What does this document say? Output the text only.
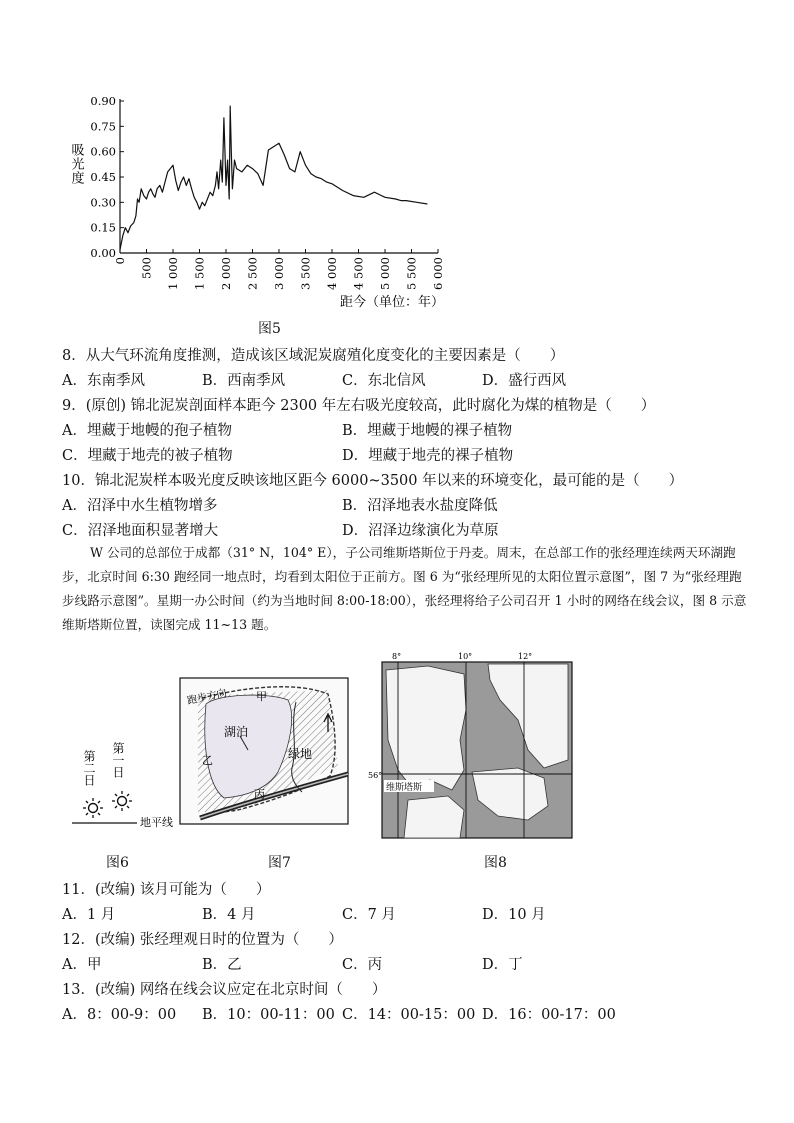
0.00
0.15
0.30
0.45
0.60
0.75
0.90
0 500 1 000 1 500 2 000 2 500 3 000 3 500 4 000 4 500 5 000 5 500 6 000
吸光度
距今（单位：年）
图5
8．从大气环流角度推测，造成该区域泥炭腐殖化度变化的主要因素是（　　）
A．东南季风	B．西南季风	C．东北信风	D．盛行西风
9．(原创) 锦北泥炭剖面样本距今 2300 年左右吸光度较高，此时腐化为煤的植物是（　　）
A．埋藏于地幔的孢子植物	B．埋藏于地幔的裸子植物
C．埋藏于地壳的被子植物	D．埋藏于地壳的裸子植物
10．锦北泥炭样本吸光度反映该地区距今 6000~3500 年以来的环境变化，最可能的是（　　）
A．沼泽中水生植物增多	B．沼泽地表水盐度降低
C．沼泽地面积显著增大	D．沼泽边缘演化为草原
W 公司的总部位于成都（31° N，104° E），子公司维斯塔斯位于丹麦。周末，在总部工作的张经理连续两天环湖跑步，北京时间 6:30 跑经同一地点时，均看到太阳位于正前方。图 6 为“张经理所见的太阳位置示意图”，图 7 为“张经理跑步线路示意图”。星期一办公时间（约为当地时间 8:00-18:00），张经理将给子公司召开 1 小时的网络在线会议，图 8 示意维斯塔斯位置，读图完成 11~13 题。
第二日 第一日
地平线
图6
跑步方向	甲
湖泊
乙	绿地
丙
图7
8°	10°	12°
56°
维斯塔斯
图8
11．(改编) 该月可能为（　　）
A．1 月	B．4 月	C．7 月	D．10 月
12．(改编) 张经理观日时的位置为（　　）
A．甲	B．乙	C．丙	D．丁
13．(改编) 网络在线会议应定在北京时间（　　）
A．8：00-9：00 B．10：00-11：00 C．14：00-15：00 D．16：00-17：00
